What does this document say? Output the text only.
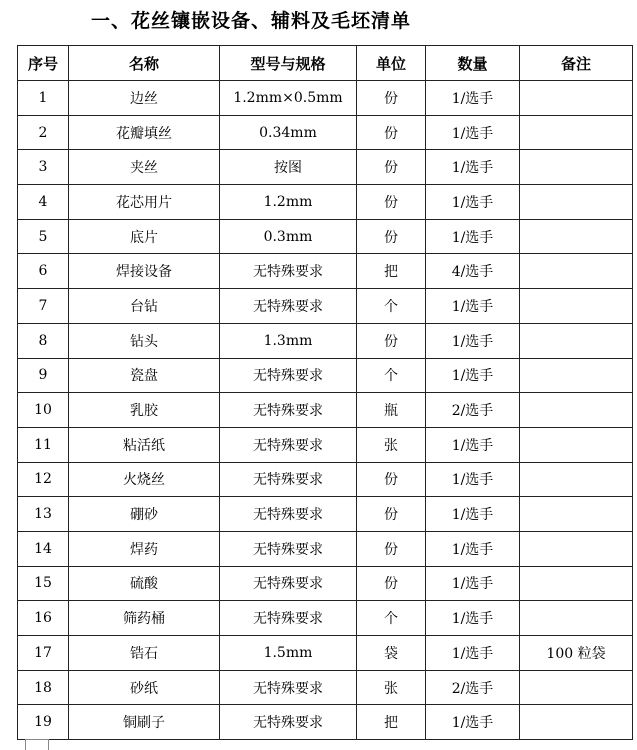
一、花丝镶嵌设备、辅料及毛坯清单
序号	名称	型号与规格	单位	数量	备注
1	边丝	1.2mm×0.5mm	份	1/选手	
2	花瓣填丝	0.34mm	份	1/选手	
3	夹丝	按图	份	1/选手	
4	花芯用片	1.2mm	份	1/选手	
5	底片	0.3mm	份	1/选手	
6	焊接设备	无特殊要求	把	4/选手	
7	台钻	无特殊要求	个	1/选手	
8	钻头	1.3mm	份	1/选手	
9	瓷盘	无特殊要求	个	1/选手	
10	乳胶	无特殊要求	瓶	2/选手	
11	粘活纸	无特殊要求	张	1/选手	
12	火烧丝	无特殊要求	份	1/选手	
13	硼砂	无特殊要求	份	1/选手	
14	焊药	无特殊要求	份	1/选手	
15	硫酸	无特殊要求	份	1/选手	
16	筛药桶	无特殊要求	个	1/选手	
17	锆石	1.5mm	袋	1/选手	100 粒袋
18	砂纸	无特殊要求	张	2/选手	
19	铜刷子	无特殊要求	把	1/选手	
